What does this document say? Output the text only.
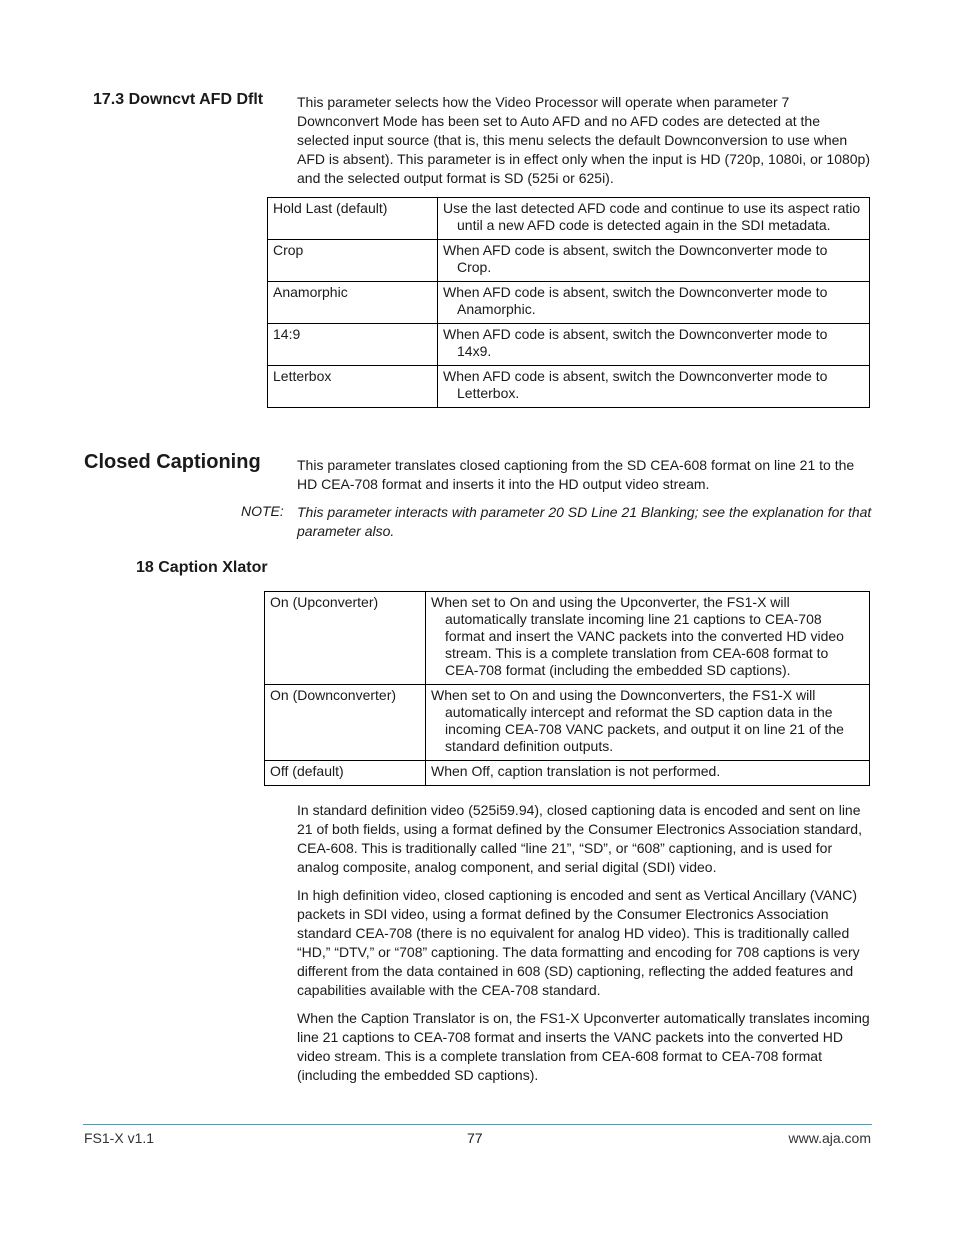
17.3 Downcvt AFD Dflt This parameter selects how the Video Processor will operate when parameter 7 Downconvert Mode has been set to Auto AFD and no AFD codes are detected at the selected input source (that is, this menu selects the default Downconversion to use when AFD is absent). This parameter is in effect only when the input is HD (720p, 1080i, or 1080p) and the selected output format is SD (525i or 625i).
Hold Last (default)	Use the last detected AFD code and continue to use its aspect ratio until a new AFD code is detected again in the SDI metadata.

Crop	When AFD code is absent, switch the Downconverter mode to Crop.

Anamorphic	When AFD code is absent, switch the Downconverter mode to Anamorphic.

14:9	When AFD code is absent, switch the Downconverter mode to 14x9.

Letterbox	When AFD code is absent, switch the Downconverter mode to Letterbox.
Closed Captioning	This parameter translates closed captioning from the SD CEA-608 format on line 21 to the HD CEA-708 format and inserts it into the HD output video stream.
NOTE: This parameter interacts with parameter 20 SD Line 21 Blanking; see the explanation for that parameter also.
18 Caption Xlator
On (Upconverter)	When set to On and using the Upconverter, the FS1-X will automatically translate incoming line 21 captions to CEA-708 format and insert the VANC packets into the converted HD video stream. This is a complete translation from CEA-608 format to CEA-708 format (including the embedded SD captions).

On (Downconverter)	When set to On and using the Downconverters, the FS1-X will automatically intercept and reformat the SD caption data in the incoming CEA-708 VANC packets, and output it on line 21 of the standard definition outputs.

Off (default)	When Off, caption translation is not performed.

In standard definition video (525i59.94), closed captioning data is encoded and sent on line 21 of both fields, using a format defined by the Consumer Electronics Association standard, CEA-608. This is traditionally called “line 21”, “SD”, or “608” captioning, and is used for analog composite, analog component, and serial digital (SDI) video.

In high definition video, closed captioning is encoded and sent as Vertical Ancillary (VANC) packets in SDI video, using a format defined by the Consumer Electronics Association standard CEA-708 (there is no equivalent for analog HD video). This is traditionally called “HD,” “DTV,” or “708” captioning. The data formatting and encoding for 708 captions is very different from the data contained in 608 (SD) captioning, reflecting the added features and capabilities available with the CEA-708 standard.

When the Caption Translator is on, the FS1-X Upconverter automatically translates incoming line 21 captions to CEA-708 format and inserts the VANC packets into the converted HD video stream. This is a complete translation from CEA-608 format to CEA-708 format (including the embedded SD captions).

FS1-X v1.1	77	www.aja.com
